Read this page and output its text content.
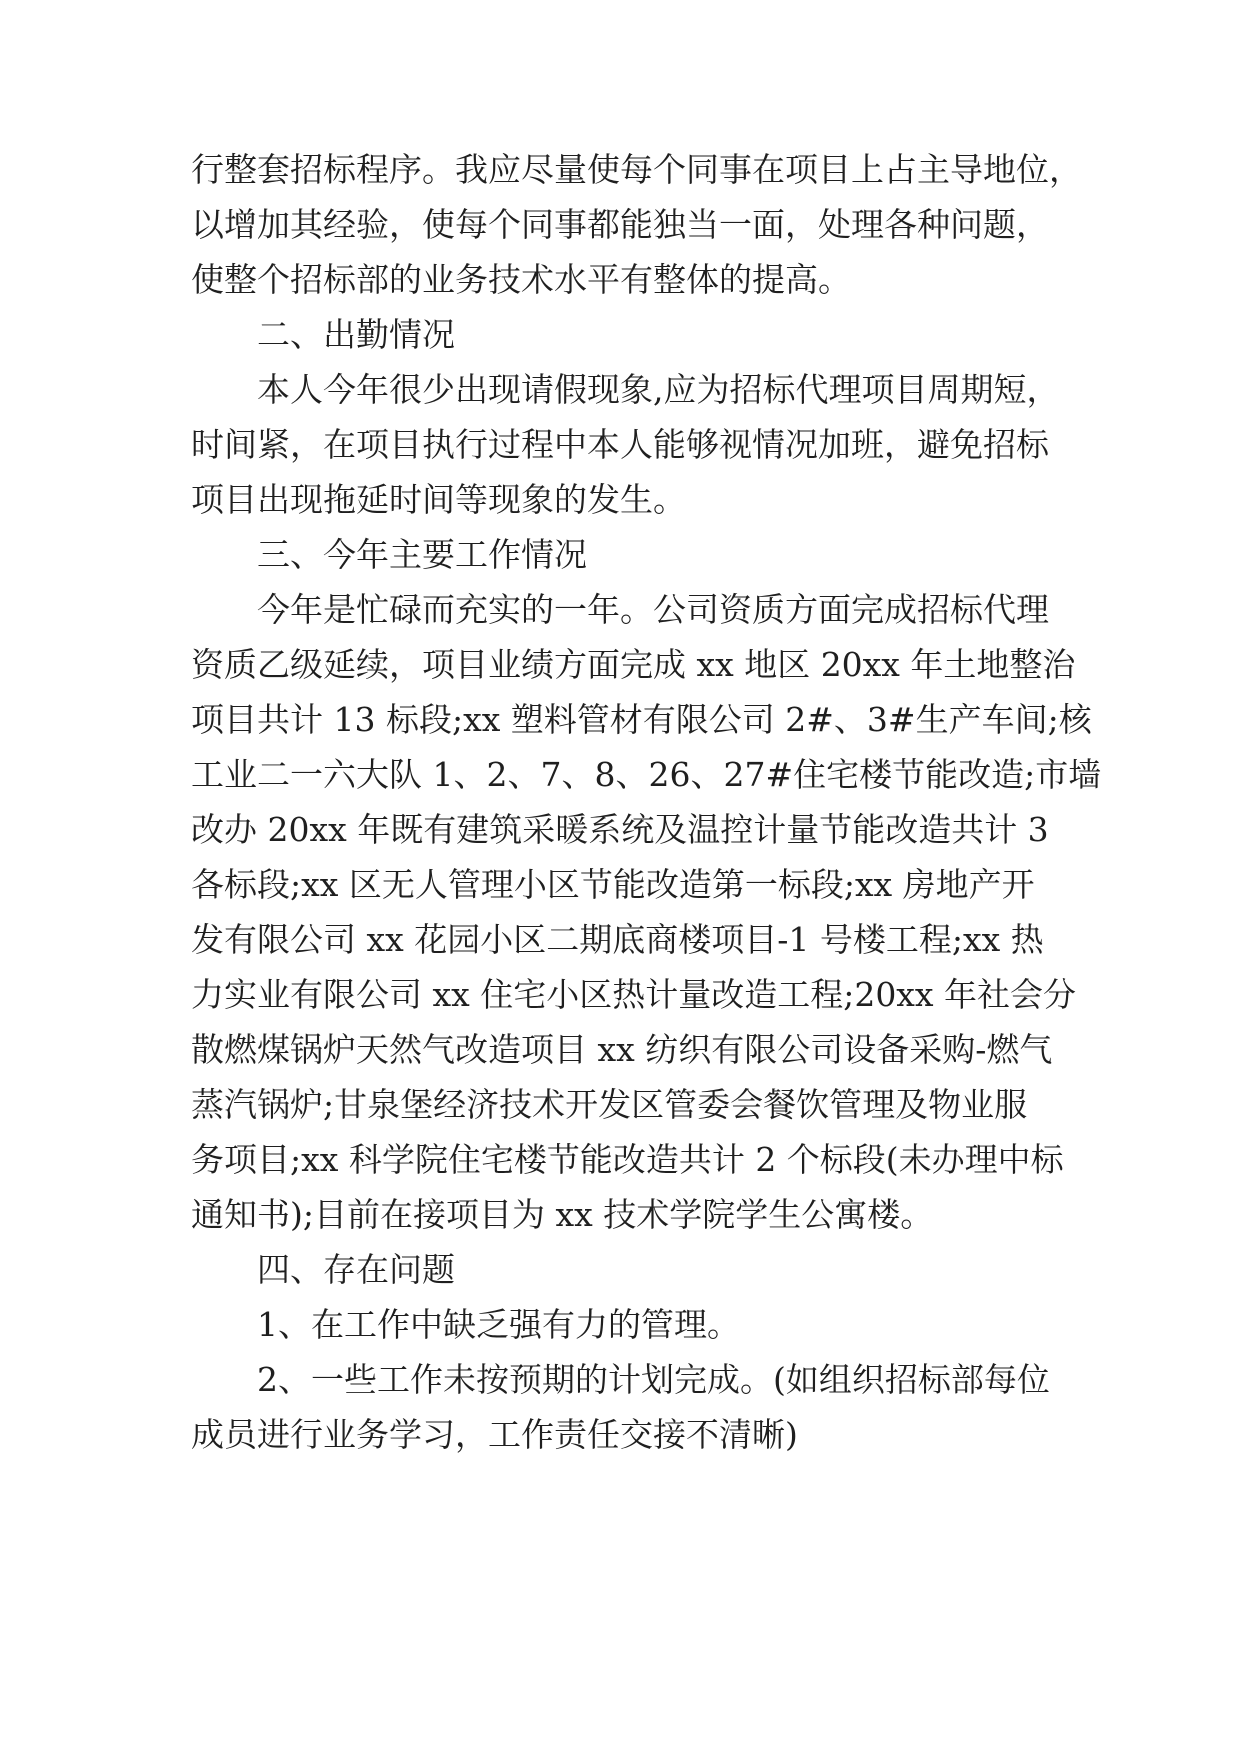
行整套招标程序。我应尽量使每个同事在项目上占主导地位，
以增加其经验，使每个同事都能独当一面，处理各种问题，
使整个招标部的业务技术水平有整体的提高。
二、出勤情况
本人今年很少出现请假现象,应为招标代理项目周期短，
时间紧，在项目执行过程中本人能够视情况加班，避免招标
项目出现拖延时间等现象的发生。
三、今年主要工作情况
今年是忙碌而充实的一年。公司资质方面完成招标代理
资质乙级延续，项目业绩方面完成 xx 地区 20xx 年土地整治
项目共计 13 标段;xx 塑料管材有限公司 2#、3#生产车间;核
工业二一六大队 1、2、7、8、26、27#住宅楼节能改造;市墙
改办 20xx 年既有建筑采暖系统及温控计量节能改造共计 3
各标段;xx 区无人管理小区节能改造第一标段;xx 房地产开
发有限公司 xx 花园小区二期底商楼项目-1 号楼工程;xx 热
力实业有限公司 xx 住宅小区热计量改造工程;20xx 年社会分
散燃煤锅炉天然气改造项目 xx 纺织有限公司设备采购-燃气
蒸汽锅炉;甘泉堡经济技术开发区管委会餐饮管理及物业服
务项目;xx 科学院住宅楼节能改造共计 2 个标段(未办理中标
通知书);目前在接项目为 xx 技术学院学生公寓楼。
四、存在问题
1、在工作中缺乏强有力的管理。
2、一些工作未按预期的计划完成。(如组织招标部每位
成员进行业务学习，工作责任交接不清晰)
